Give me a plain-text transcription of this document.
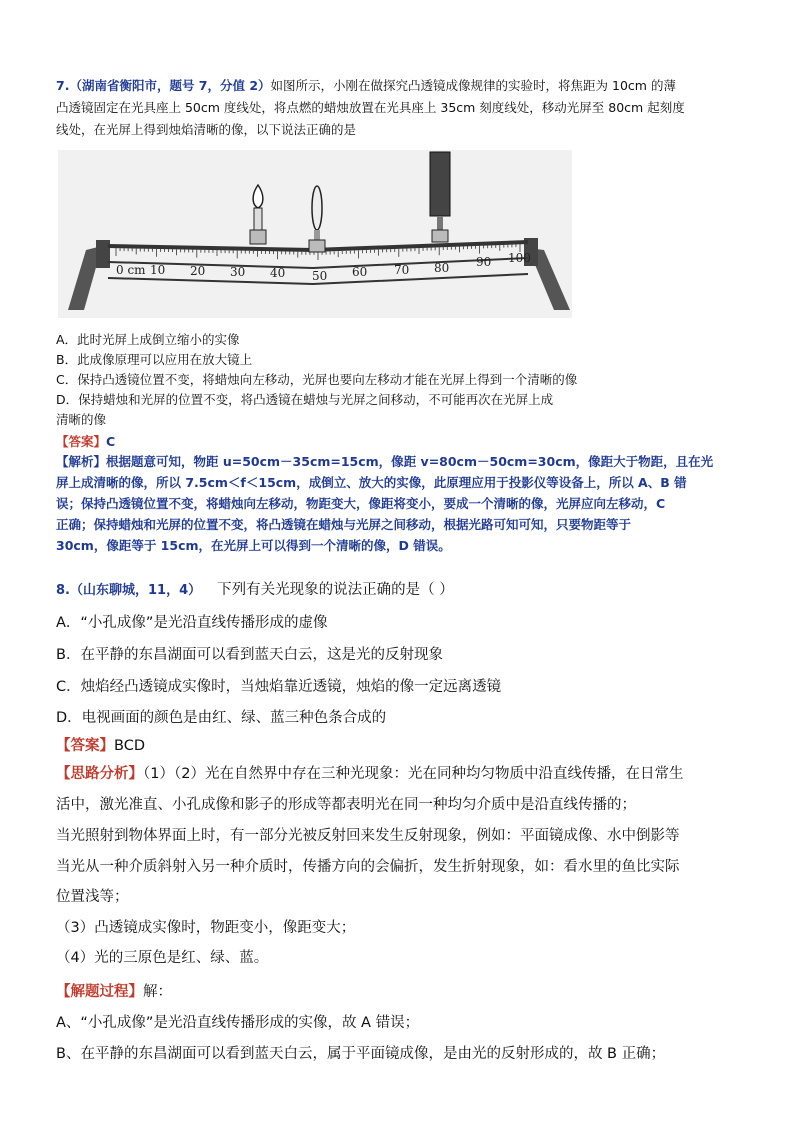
7.（湖南省衡阳市，题号 7，分值 2）如图所示，小刚在做探究凸透镜成像规律的实验时，将焦距为 10cm 的薄
凸透镜固定在光具座上 50cm 度线处，将点燃的蜡烛放置在光具座上 35cm 刻度线处，移动光屏至 80cm 起刻度
线处，在光屏上得到烛焰清晰的像，以下说法正确的是
0 cm 10 20 30 40 50 60 70 80 90 100
A．此时光屏上成倒立缩小的实像
B．此成像原理可以应用在放大镜上
C．保持凸透镜位置不变，将蜡烛向左移动，光屏也要向左移动才能在光屏上得到一个清晰的像
D．保持蜡烛和光屏的位置不变，将凸透镜在蜡烛与光屏之间移动，不可能再次在光屏上成
清晰的像
【答案】C
【解析】根据题意可知，物距 u=50cm－35cm=15cm，像距 v=80cm－50cm=30cm，像距大于物距，且在光
屏上成清晰的像，所以 7.5cm＜f＜15cm，成倒立、放大的实像，此原理应用于投影仪等设备上，所以 A、B 错
误；保持凸透镜位置不变，将蜡烛向左移动，物距变大，像距将变小，要成一个清晰的像，光屏应向左移动，C
正确；保持蜡烛和光屏的位置不变，将凸透镜在蜡烛与光屏之间移动，根据光路可知可知，只要物距等于
30cm，像距等于 15cm，在光屏上可以得到一个清晰的像，D 错误。
8.（山东聊城，11，4） 下列有关光现象的说法正确的是（ ）
A．“小孔成像”是光沿直线传播形成的虚像
B．在平静的东昌湖面可以看到蓝天白云，这是光的反射现象
C．烛焰经凸透镜成实像时，当烛焰靠近透镜，烛焰的像一定远离透镜
D．电视画面的颜色是由红、绿、蓝三种色条合成的
【答案】BCD
【思路分析】（1）（2）光在自然界中存在三种光现象：光在同种均匀物质中沿直线传播，在日常生
活中，激光准直、小孔成像和影子的形成等都表明光在同一种均匀介质中是沿直线传播的；
当光照射到物体界面上时，有一部分光被反射回来发生反射现象，例如：平面镜成像、水中倒影等
当光从一种介质斜射入另一种介质时，传播方向的会偏折，发生折射现象，如：看水里的鱼比实际
位置浅等；
（3）凸透镜成实像时，物距变小，像距变大；
（4）光的三原色是红、绿、蓝。
【解题过程】解：
A、“小孔成像”是光沿直线传播形成的实像，故 A 错误；
B、在平静的东昌湖面可以看到蓝天白云，属于平面镜成像，是由光的反射形成的，故 B 正确；
